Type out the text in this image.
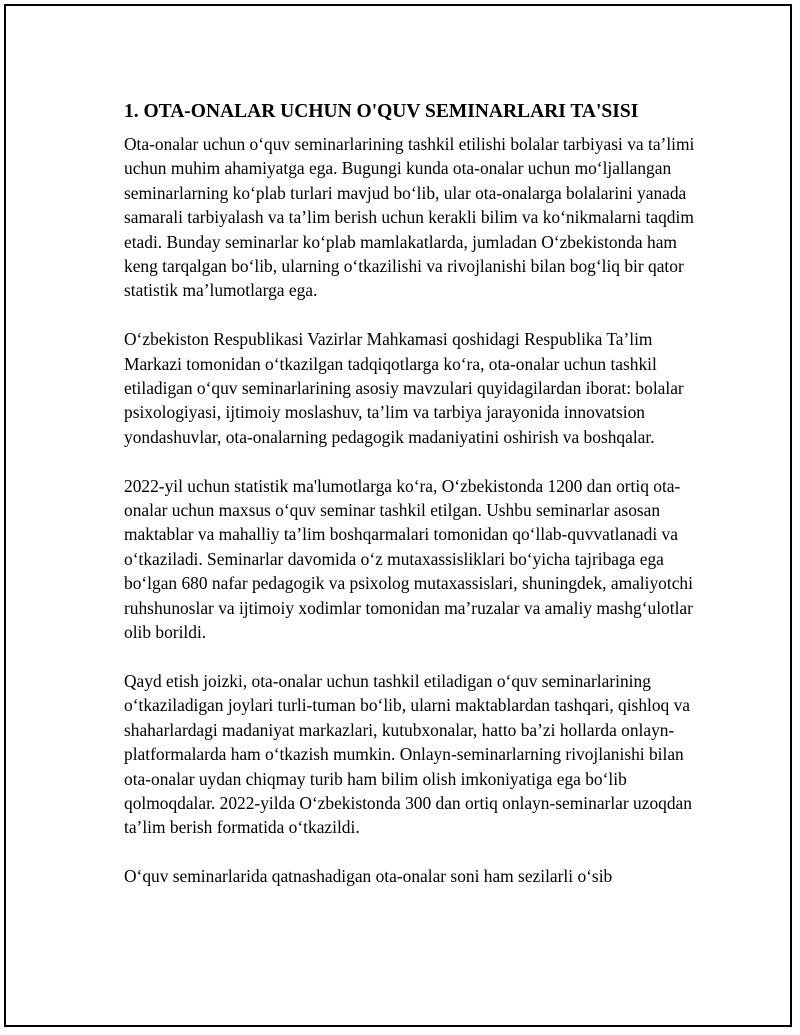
1. OTA-ONALAR UCHUN O'QUV SEMINARLARI TA'SISI

Ota-onalar uchun o‘quv seminarlarining tashkil etilishi bolalar tarbiyasi va ta’limi uchun muhim ahamiyatga ega. Bugungi kunda ota-onalar uchun mo‘ljallangan seminarlarning ko‘plab turlari mavjud bo‘lib, ular ota-onalarga bolalarini yanada samarali tarbiyalash va ta’lim berish uchun kerakli bilim va ko‘nikmalarni taqdim etadi. Bunday seminarlar ko‘plab mamlakatlarda, jumladan O‘zbekistonda ham keng tarqalgan bo‘lib, ularning o‘tkazilishi va rivojlanishi bilan bog‘liq bir qator statistik ma’lumotlarga ega.

O‘zbekiston Respublikasi Vazirlar Mahkamasi qoshidagi Respublika Ta’lim Markazi tomonidan o‘tkazilgan tadqiqotlarga ko‘ra, ota-onalar uchun tashkil etiladigan o‘quv seminarlarining asosiy mavzulari quyidagilardan iborat: bolalar psixologiyasi, ijtimoiy moslashuv, ta’lim va tarbiya jarayonida innovatsion yondashuvlar, ota-onalarning pedagogik madaniyatini oshirish va boshqalar.

2022-yil uchun statistik ma'lumotlarga ko‘ra, O‘zbekistonda 1200 dan ortiq ota-onalar uchun maxsus o‘quv seminar tashkil etilgan. Ushbu seminarlar asosan maktablar va mahalliy ta’lim boshqarmalari tomonidan qo‘llab-quvvatlanadi va o‘tkaziladi. Seminarlar davomida o‘z mutaxassisliklari bo‘yicha tajribaga ega bo‘lgan 680 nafar pedagogik va psixolog mutaxassislari, shuningdek, amaliyotchi ruhshunoslar va ijtimoiy xodimlar tomonidan ma’ruzalar va amaliy mashg‘ulotlar olib borildi.

Qayd etish joizki, ota-onalar uchun tashkil etiladigan o‘quv seminarlarining o‘tkaziladigan joylari turli-tuman bo‘lib, ularni maktablardan tashqari, qishloq va shaharlardagi madaniyat markazlari, kutubxonalar, hatto ba’zi hollarda onlayn-platformalarda ham o‘tkazish mumkin. Onlayn-seminarlarning rivojlanishi bilan ota-onalar uydan chiqmay turib ham bilim olish imkoniyatiga ega bo‘lib qolmoqdalar. 2022-yilda O‘zbekistonda 300 dan ortiq onlayn-seminarlar uzoqdan ta’lim berish formatida o‘tkazildi.

O‘quv seminarlarida qatnashadigan ota-onalar soni ham sezilarli o‘sib
